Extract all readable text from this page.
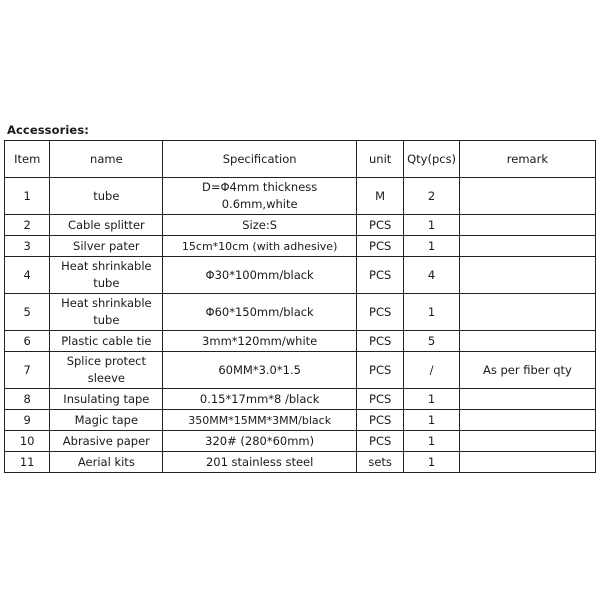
Accessories:
Item	name	Specification	unit	Qty(pcs)	remark
1	tube	D=Φ4mm thickness 0.6mm,white	M	2	
2	Cable splitter	Size:S	PCS	1	
3	Silver pater	15cm*10cm (with adhesive)	PCS	1	
4	Heat shrinkable tube	Φ30*100mm/black	PCS	4	
5	Heat shrinkable tube	Φ60*150mm/black	PCS	1	
6	Plastic cable tie	3mm*120mm/white	PCS	5	
7	Splice protect sleeve	60MM*3.0*1.5	PCS	/	As per fiber qty
8	Insulating tape	0.15*17mm*8 /black	PCS	1	
9	Magic tape	350MM*15MM*3MM/black	PCS	1	
10	Abrasive paper	320# (280*60mm)	PCS	1	
11	Aerial kits	201 stainless steel	sets	1	
